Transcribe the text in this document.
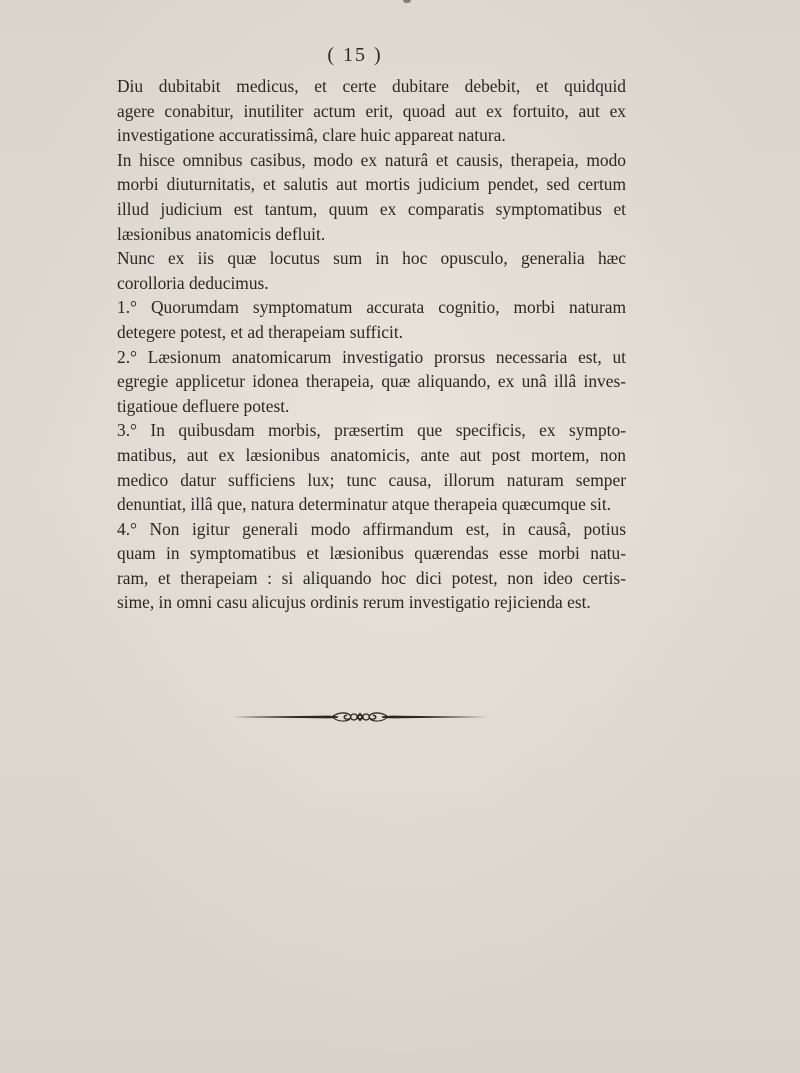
( 15 )
Diu dubitabit medicus, et certe dubitare debebit, et quidquid
agere conabitur, inutiliter actum erit, quoad aut ex fortuito, aut ex
investigatione accuratissimâ, clare huic appareat natura.
In hisce omnibus casibus, modo ex naturâ et causis, therapeia, modo
morbi diuturnitatis, et salutis aut mortis judicium pendet, sed certum
illud judicium est tantum, quum ex comparatis symptomatibus et
læsionibus anatomicis defluit.
Nunc ex iis quæ locutus sum in hoc opusculo, generalia hæc
corolloria deducimus.
1.° Quorumdam symptomatum accurata cognitio, morbi naturam
detegere potest, et ad therapeiam sufficit.
2.° Læsionum anatomicarum investigatio prorsus necessaria est, ut
egregie applicetur idonea therapeia, quæ aliquando, ex unâ illâ inves-
tigatioue defluere potest.
3.° In quibusdam morbis, præsertim que specificis, ex sympto-
matibus, aut ex læsionibus anatomicis, ante aut post mortem, non
medico datur sufficiens lux; tunc causa, illorum naturam semper
denuntiat, illâ que, natura determinatur atque therapeia quæcumque sit.
4.° Non igitur generali modo affirmandum est, in causâ, potius
quam in symptomatibus et læsionibus quærendas esse morbi natu-
ram, et therapeiam : si aliquando hoc dici potest, non ideo certis-
sime, in omni casu alicujus ordinis rerum investigatio rejicienda est.
